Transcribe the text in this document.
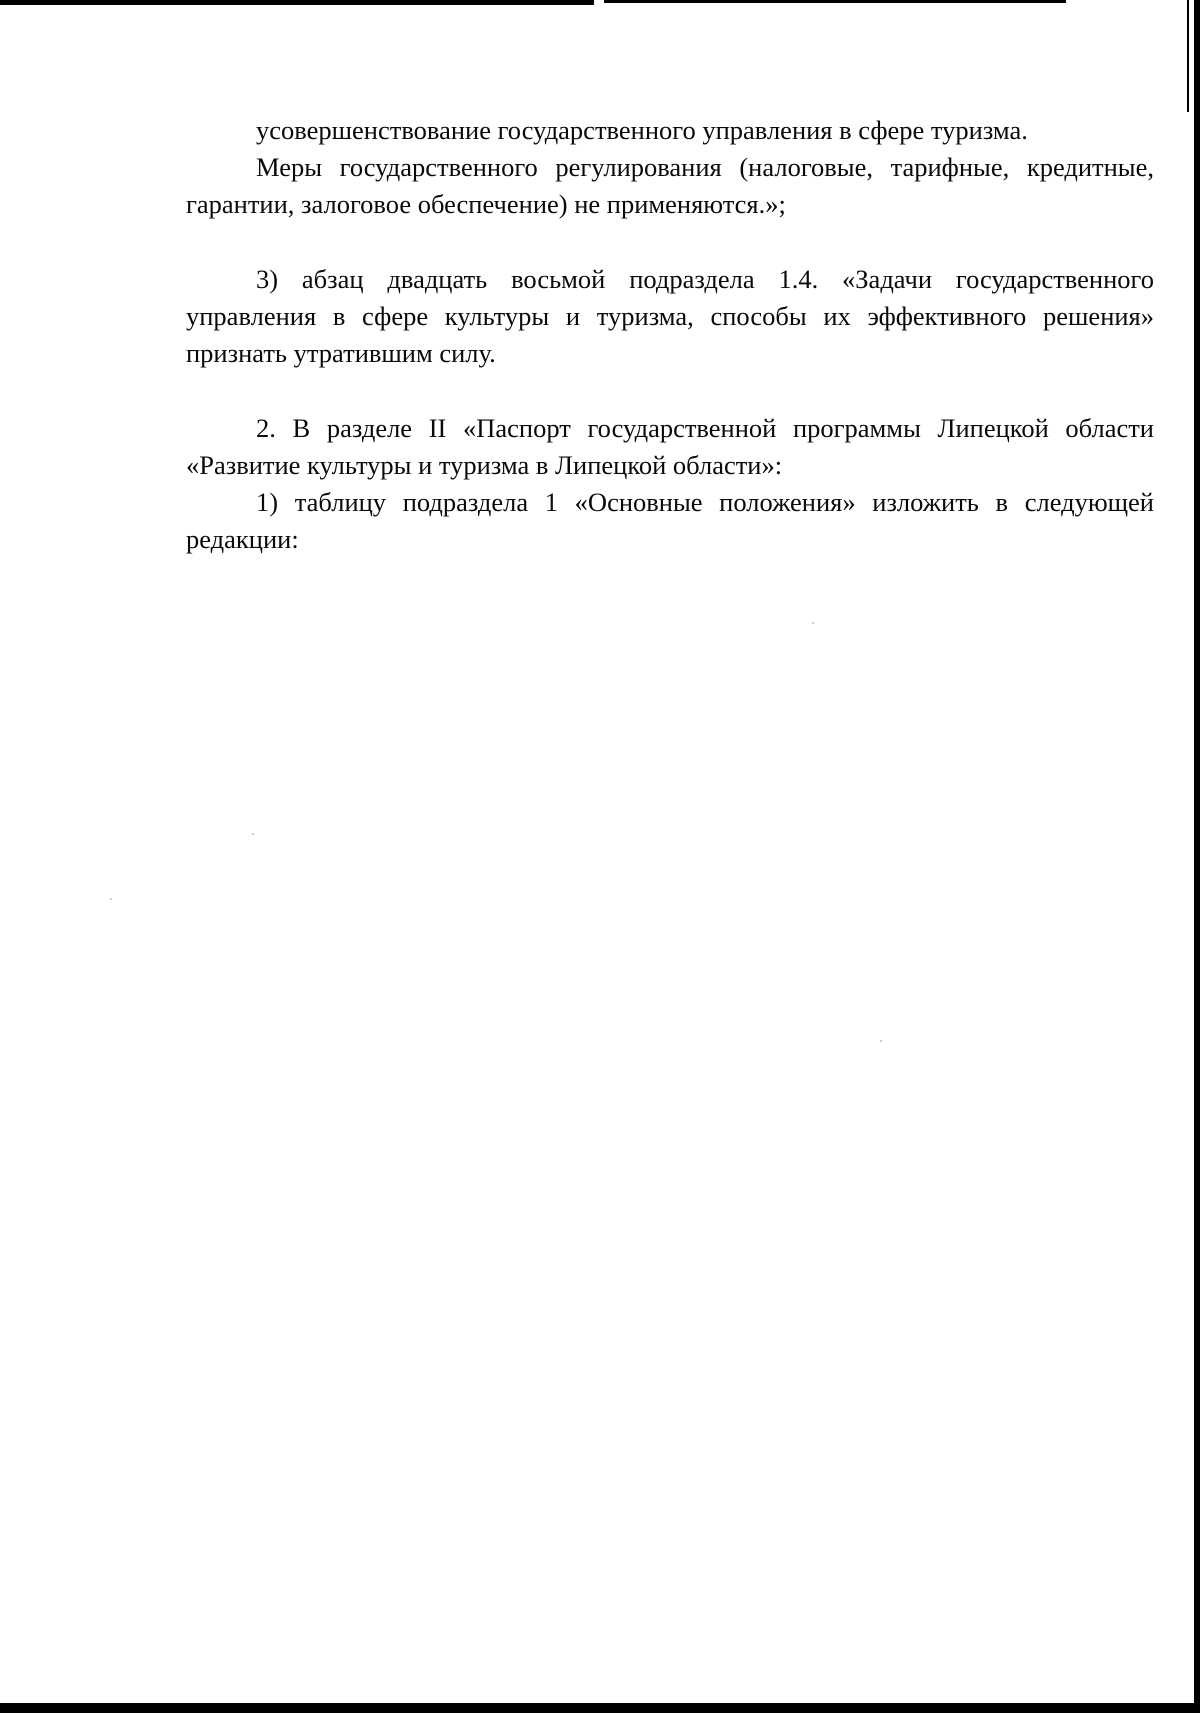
усовершенствование государственного управления в сфере туризма.

Меры государственного регулирования (налоговые, тарифные, кредитные, гарантии, залоговое обеспечение) не применяются.»;

3) абзац двадцать восьмой подраздела 1.4. «Задачи государственного управления в сфере культуры и туризма, способы их эффективного решения» признать утратившим силу.

2. В разделе II «Паспорт государственной программы Липецкой области «Развитие культуры и туризма в Липецкой области»:

1) таблицу подраздела 1 «Основные положения» изложить в следующей редакции:
